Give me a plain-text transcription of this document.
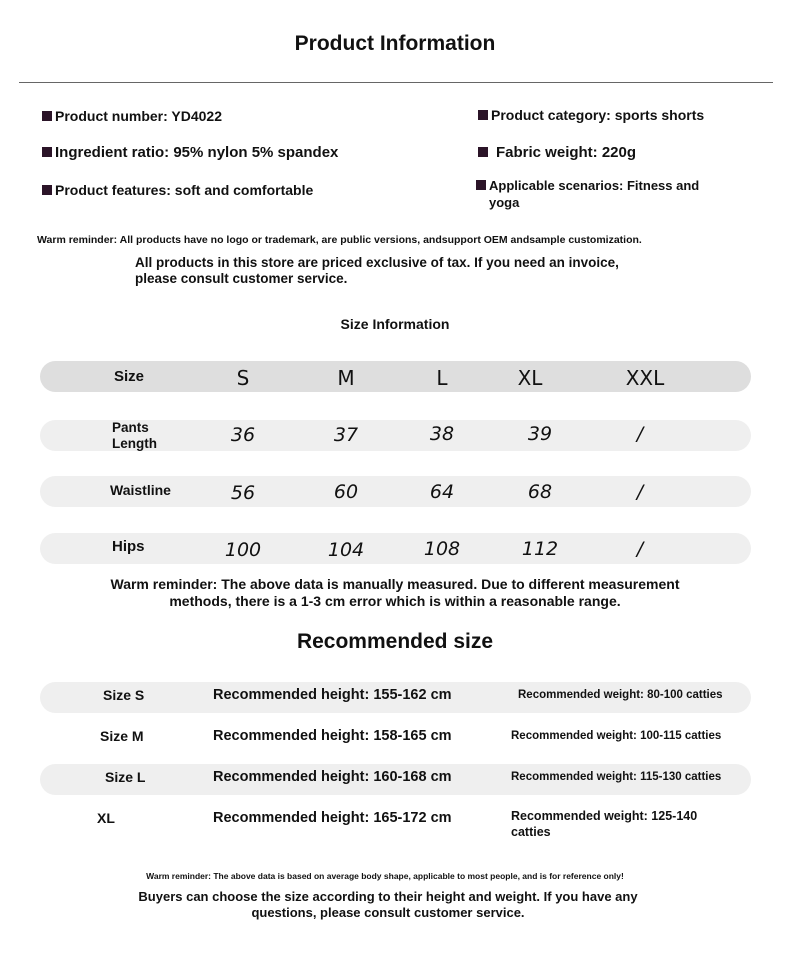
Product Information
Product number: YD4022	Product category: sports shorts
Ingredient ratio: 95% nylon 5% spandex	Fabric weight: 220g
Product features: soft and comfortable	Applicable scenarios: Fitness and yoga
Warm reminder: All products have no logo or trademark, are public versions, andsupport OEM andsample customization.
All products in this store are priced exclusive of tax. If you need an invoice, please consult customer service.
Size Information
Size	S	M	L	XL	XXL
Pants Length	36	37	38	39	/
Waistline	56	60	64	68	/
Hips	100	104	108	112	/
Warm reminder: The above data is manually measured. Due to different measurement methods, there is a 1-3 cm error which is within a reasonable range.
Recommended size
Size S	Recommended height: 155-162 cm	Recommended weight: 80-100 catties
Size M	Recommended height: 158-165 cm	Recommended weight: 100-115 catties
Size L	Recommended height: 160-168 cm	Recommended weight: 115-130 catties
XL	Recommended height: 165-172 cm	Recommended weight: 125-140 catties
Warm reminder: The above data is based on average body shape, applicable to most people, and is for reference only!
Buyers can choose the size according to their height and weight. If you have any questions, please consult customer service.
